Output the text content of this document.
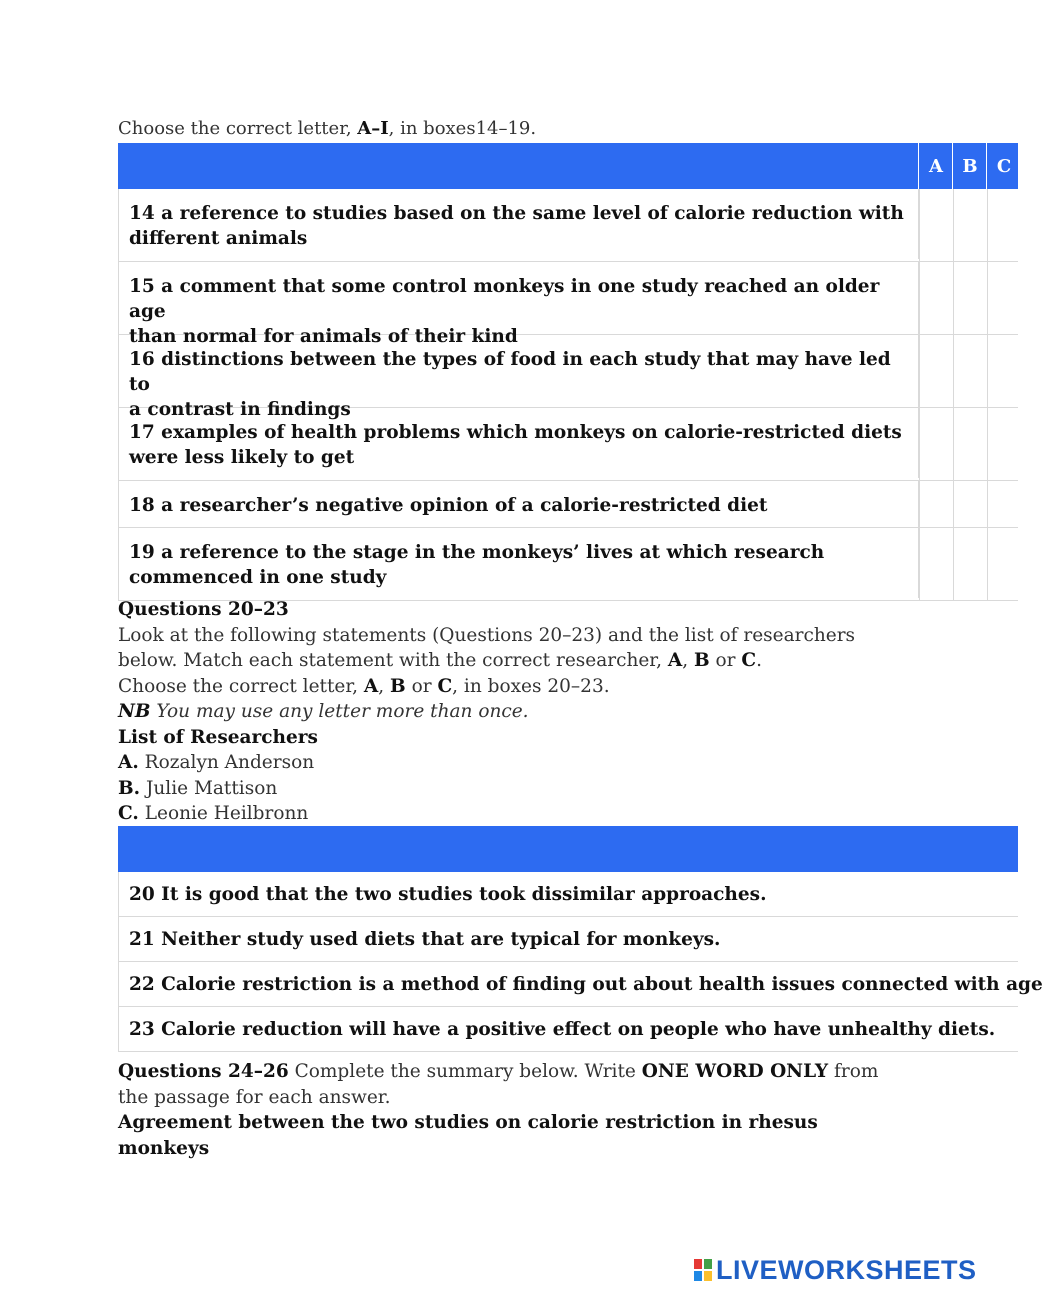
Choose the correct letter, A–I, in boxes14–19.
A	B	C
14 a reference to studies based on the same level of calorie reduction with
different animals
15 a comment that some control monkeys in one study reached an older age
than normal for animals of their kind
16 distinctions between the types of food in each study that may have led to
a contrast in findings
17 examples of health problems which monkeys on calorie-restricted diets
were less likely to get
18 a researcher’s negative opinion of a calorie-restricted diet
19 a reference to the stage in the monkeys’ lives at which research
commenced in one study
Questions 20–23
Look at the following statements (Questions 20–23) and the list of researchers
below. Match each statement with the correct researcher, A, B or C.
Choose the correct letter, A, B or C, in boxes 20–23.
NB You may use any letter more than once.
List of Researchers
A. Rozalyn Anderson
B. Julie Mattison
C. Leonie Heilbronn
20 It is good that the two studies took dissimilar approaches.
21 Neither study used diets that are typical for monkeys.
22 Calorie restriction is a method of finding out about health issues connected with age
23 Calorie reduction will have a positive effect on people who have unhealthy diets.
Questions 24–26 Complete the summary below. Write ONE WORD ONLY from
the passage for each answer.
Agreement between the two studies on calorie restriction in rhesus
monkeys
LIVEWORKSHEETS
